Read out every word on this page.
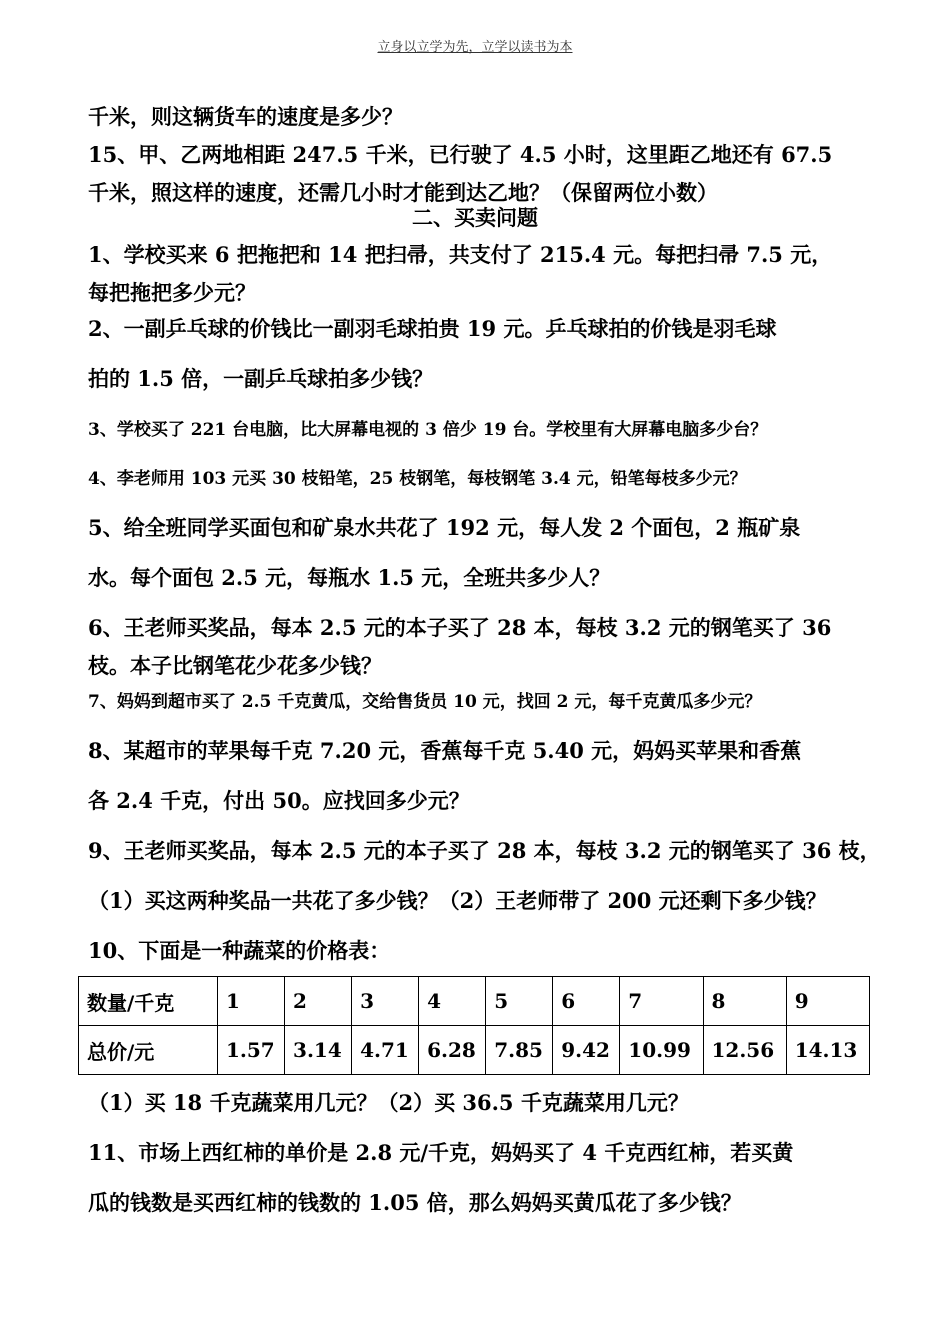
立身以立学为先，立学以读书为本
千米，则这辆货车的速度是多少？
15、甲、乙两地相距 247.5 千米，已行驶了 4.5 小时，这里距乙地还有 67.5
千米，照这样的速度，还需几小时才能到达乙地？（保留两位小数）
二、买卖问题
1、学校买来 6 把拖把和 14 把扫帚，共支付了 215.4 元。每把扫帚 7.5 元，
每把拖把多少元？
2、一副乒乓球的价钱比一副羽毛球拍贵 19 元。乒乓球拍的价钱是羽毛球
拍的 1.5 倍，一副乒乓球拍多少钱？
3、学校买了 221 台电脑，比大屏幕电视的 3 倍少 19 台。学校里有大屏幕电脑多少台？
4、李老师用 103 元买 30 枝铅笔，25 枝钢笔，每枝钢笔 3.4 元，铅笔每枝多少元？
5、给全班同学买面包和矿泉水共花了 192 元，每人发 2 个面包，2 瓶矿泉
水。每个面包 2.5 元，每瓶水 1.5 元，全班共多少人？
6、王老师买奖品，每本 2.5 元的本子买了 28 本，每枝 3.2 元的钢笔买了 36
枝。本子比钢笔花少花多少钱？
7、妈妈到超市买了 2.5 千克黄瓜，交给售货员 10 元，找回 2 元，每千克黄瓜多少元？
8、某超市的苹果每千克 7.20 元，香蕉每千克 5.40 元，妈妈买苹果和香蕉
各 2.4 千克，付出 50。应找回多少元？
9、王老师买奖品，每本 2.5 元的本子买了 28 本，每枝 3.2 元的钢笔买了 36 枝，
（1）买这两种奖品一共花了多少钱？（2）王老师带了 200 元还剩下多少钱？
10、下面是一种蔬菜的价格表：
数量/千克	1	2	3	4	5	6	7	8	9
总价/元	1.57	3.14	4.71	6.28	7.85	9.42	10.99	12.56	14.13
（1）买 18 千克蔬菜用几元？（2）买 36.5 千克蔬菜用几元？
11、市场上西红柿的单价是 2.8 元/千克，妈妈买了 4 千克西红柿，若买黄
瓜的钱数是买西红柿的钱数的 1.05 倍，那么妈妈买黄瓜花了多少钱？
